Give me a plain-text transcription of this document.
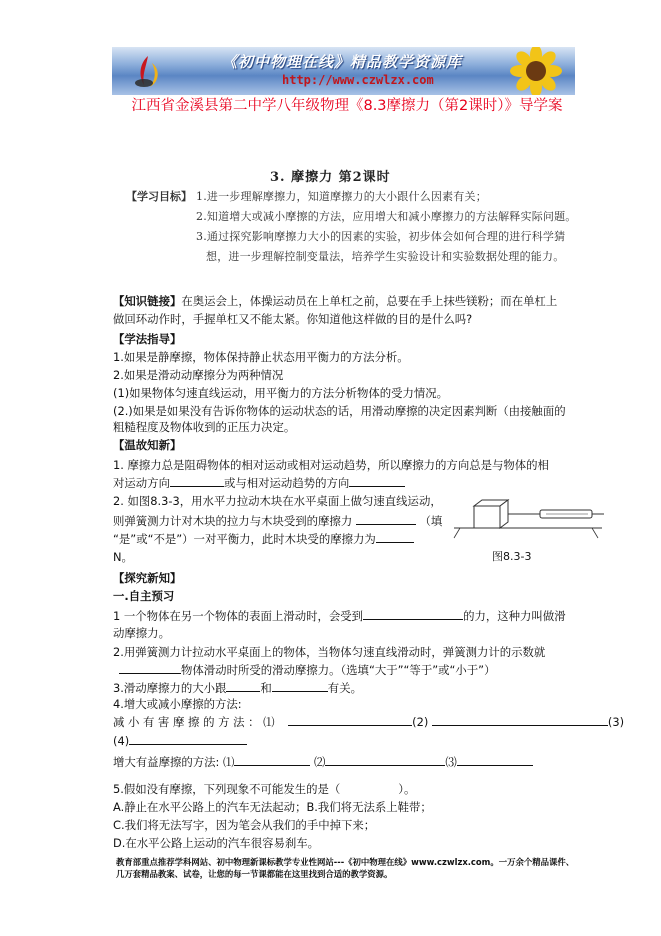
《初中物理在线》精品教学资源库
http://www.czwlzx.com
江西省金溪县第二中学八年级物理《8.3摩擦力（第2课时）》导学案
3. 摩擦力 第2课时
【学习目标】 1.进一步理解摩擦力，知道摩擦力的大小跟什么因素有关；
2.知道增大或减小摩擦的方法，应用增大和减小摩擦力的方法解释实际问题。
3.通过探究影响摩擦力大小的因素的实验，初步体会如何合理的进行科学猜
想，进一步理解控制变量法，培养学生实验设计和实验数据处理的能力。
【知识链接】在奥运会上，体操运动员在上单杠之前，总要在手上抹些镁粉；而在单杠上
做回环动作时，手握单杠又不能太紧。你知道他这样做的目的是什么吗?
【学法指导】
1.如果是静摩擦，物体保持静止状态用平衡力的方法分析。
2.如果是滑动动摩擦分为两种情况
(1)如果物体匀速直线运动，用平衡力的方法分析物体的受力情况。
(2.)如果是如果没有告诉你物体的运动状态的话，用滑动摩擦的决定因素判断（由接触面的
粗糙程度及物体收到的正压力决定。
【温故知新】
1. 摩擦力总是阻碍物体的相对运动或相对运动趋势，所以摩擦力的方向总是与物体的相
对运动方向	或与相对运动趋势的方向
2. 如图8.3-3，用水平力拉动木块在水平桌面上做匀速直线运动，
则弹簧测力计对木块的拉力与木块受到的摩擦力	（填
“是”或“不是”）一对平衡力，此时木块受的摩擦力为
N。	图8.3-3
【探究新知】
一.自主预习
1 一个物体在另一个物体的表面上滑动时，会受到	的力，这种力叫做滑
动摩擦力。
2.用弹簧测力计拉动水平桌面上的物体，当物体匀速直线滑动时，弹簧测力计的示数就
物体滑动时所受的滑动摩擦力。（选填“大于”“等于”或“小于”）
3.滑动摩擦力的大小跟	和	有关。
4.增大或减小摩擦的方法:
减 小 有 害 摩 擦 的 方 法 ： ⑴	(2)	(3)
(4)
增大有益摩擦的方法: ⑴	⑵	⑶
5.假如没有摩擦，下列现象不可能发生的是（	）。
A.静止在水平公路上的汽车无法起动；B.我们将无法系上鞋带；
C.我们将无法写字，因为笔会从我们的手中掉下来；
D.在水平公路上运动的汽车很容易刹车。
教育部重点推荐学科网站、初中物理新课标教学专业性网站---《初中物理在线》www.czwlzx.com。一万余个精品课件、几万套精品教案、试卷，让您的每一节课都能在这里找到合适的教学资源。
